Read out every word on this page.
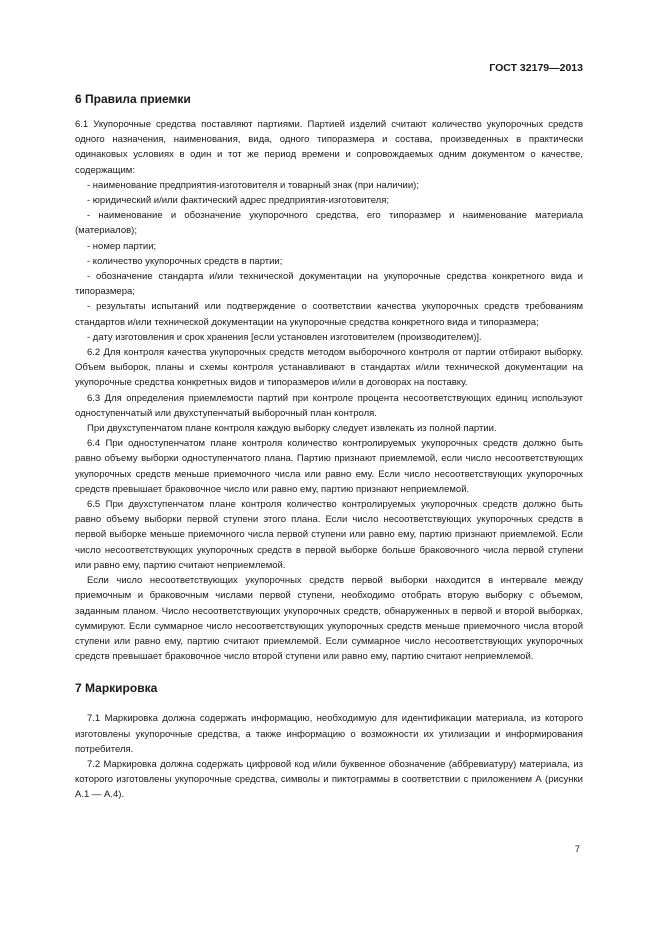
ГОСТ 32179—2013
6 Правила приемки

6.1 Укупорочные средства поставляют партиями. Партией изделий считают количество укупорочных средств одного назначения, наименования, вида, одного типоразмера и состава, произведенных в практически одинаковых условиях в один и тот же период времени и сопровождаемых одним документом о качестве, содержащим:

- наименование предприятия-изготовителя и товарный знак (при наличии);

- юридический и/или фактический адрес предприятия-изготовителя;

- наименование и обозначение укупорочного средства, его типоразмер и наименование материала (материалов);

- номер партии;

- количество укупорочных средств в партии;

- обозначение стандарта и/или технической документации на укупорочные средства конкретного вида и типоразмера;

- результаты испытаний или подтверждение о соответствии качества укупорочных средств требованиям стандартов и/или технической документации на укупорочные средства конкретного вида и типоразмера;

- дату изготовления и срок хранения [если установлен изготовителем (производителем)].

6.2 Для контроля качества укупорочных средств методом выборочного контроля от партии отбирают выборку. Объем выборок, планы и схемы контроля устанавливают в стандартах и/или технической документации на укупорочные средства конкретных видов и типоразмеров и/или в договорах на поставку.

6.3 Для определения приемлемости партий при контроле процента несоответствующих единиц используют одноступенчатый или двухступенчатый выборочный план контроля.

При двухступенчатом плане контроля каждую выборку следует извлекать из полной партии.

6.4 При одноступенчатом плане контроля количество контролируемых укупорочных средств должно быть равно объему выборки одноступенчатого плана. Партию признают приемлемой, если число несоответствующих укупорочных средств меньше приемочного числа или равно ему. Если число несоответствующих укупорочных средств превышает браковочное число или равно ему, партию признают неприемлемой.

6.5 При двухступенчатом плане контроля количество контролируемых укупорочных средств должно быть равно объему выборки первой ступени этого плана. Если число несоответствующих укупорочных средств в первой выборке меньше приемочного числа первой ступени или равно ему, партию признают приемлемой. Если число несоответствующих укупорочных средств в первой выборке больше браковочного числа первой ступени или равно ему, партию считают неприемлемой.

Если число несоответствующих укупорочных средств первой выборки находится в интервале между приемочным и браковочным числами первой ступени, необходимо отобрать вторую выборку с объемом, заданным планом. Число несоответствующих укупорочных средств, обнаруженных в первой и второй выборках, суммируют. Если суммарное число несоответствующих укупорочных средств меньше приемочного числа второй ступени или равно ему, партию считают приемлемой. Если суммарное число несоответствующих укупорочных средств превышает браковочное число второй ступени или равно ему, партию считают неприемлемой.

7 Маркировка

7.1 Маркировка должна содержать информацию, необходимую для идентификации материала, из которого изготовлены укупорочные средства, а также информацию о возможности их утилизации и информирования потребителя.

7.2 Маркировка должна содержать цифровой код и/или буквенное обозначение (аббревиатуру) материала, из которого изготовлены укупорочные средства, символы и пиктограммы в соответствии с приложением А (рисунки А.1 — А.4).

7
